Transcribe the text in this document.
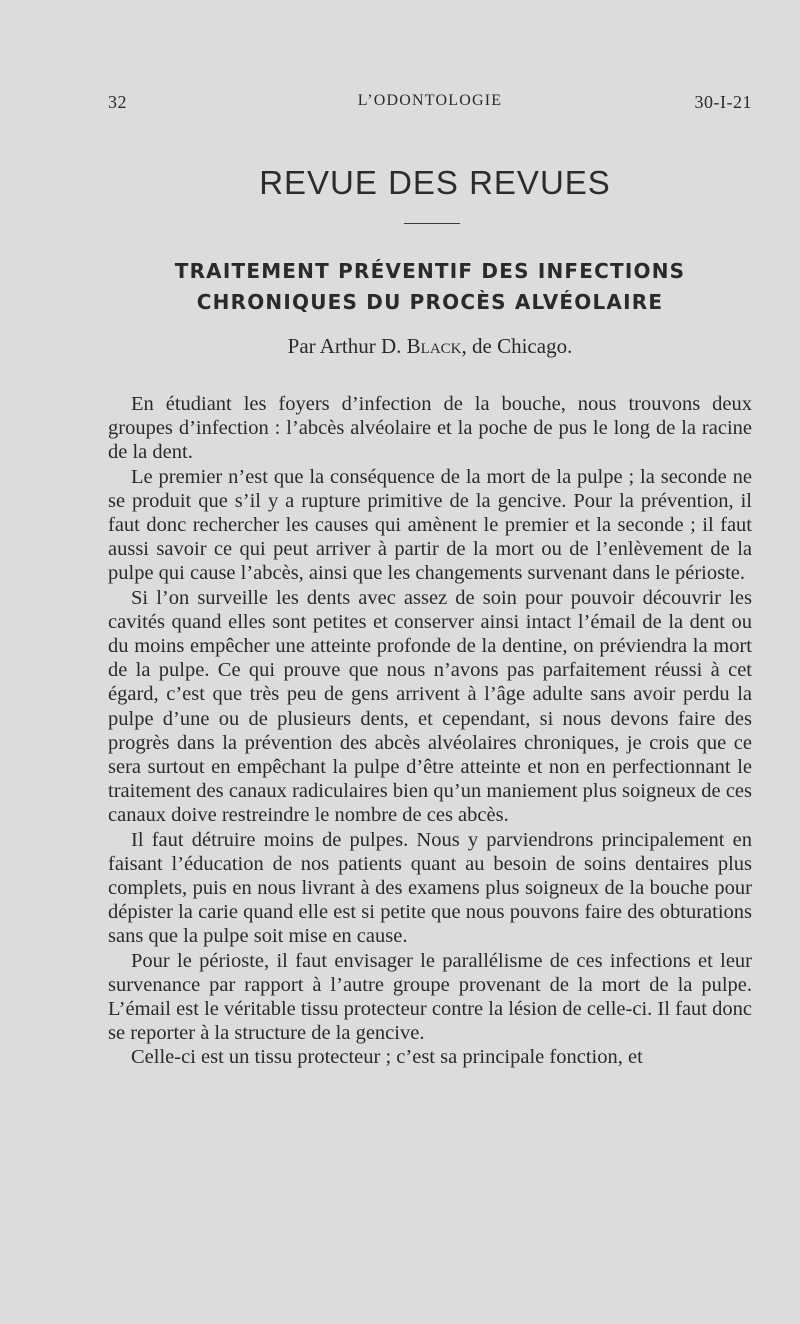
32	L’ODONTOLOGIE	30-I-21
REVUE DES REVUES
TRAITEMENT PRÉVENTIF DES INFECTIONS
CHRONIQUES DU PROCÈS ALVÉOLAIRE
Par Arthur D. Black, de Chicago.

En étudiant les foyers d’infection de la bouche, nous trouvons deux groupes d’infection : l’abcès alvéolaire et la poche de pus le long de la racine de la dent.

Le premier n’est que la conséquence de la mort de la pulpe ; la seconde ne se produit que s’il y a rupture primitive de la gencive. Pour la prévention, il faut donc rechercher les causes qui amènent le premier et la seconde ; il faut aussi savoir ce qui peut arriver à partir de la mort ou de l’enlèvement de la pulpe qui cause l’abcès, ainsi que les changements survenant dans le périoste.

Si l’on surveille les dents avec assez de soin pour pouvoir découvrir les cavités quand elles sont petites et conserver ainsi intact l’émail de la dent ou du moins empêcher une atteinte profonde de la dentine, on préviendra la mort de la pulpe. Ce qui prouve que nous n’avons pas parfaitement réussi à cet égard, c’est que très peu de gens arrivent à l’âge adulte sans avoir perdu la pulpe d’une ou de plusieurs dents, et cependant, si nous devons faire des progrès dans la prévention des abcès alvéolaires chroniques, je crois que ce sera surtout en empêchant la pulpe d’être atteinte et non en perfectionnant le traitement des canaux radiculaires bien qu’un maniement plus soigneux de ces canaux doive restreindre le nombre de ces abcès.

Il faut détruire moins de pulpes. Nous y parviendrons principalement en faisant l’éducation de nos patients quant au besoin de soins dentaires plus complets, puis en nous livrant à des examens plus soigneux de la bouche pour dépister la carie quand elle est si petite que nous pouvons faire des obturations sans que la pulpe soit mise en cause.

Pour le périoste, il faut envisager le parallélisme de ces infections et leur survenance par rapport à l’autre groupe provenant de la mort de la pulpe. L’émail est le véritable tissu protecteur contre la lésion de celle-ci. Il faut donc se reporter à la structure de la gencive.

Celle-ci est un tissu protecteur ; c’est sa principale fonction, et
